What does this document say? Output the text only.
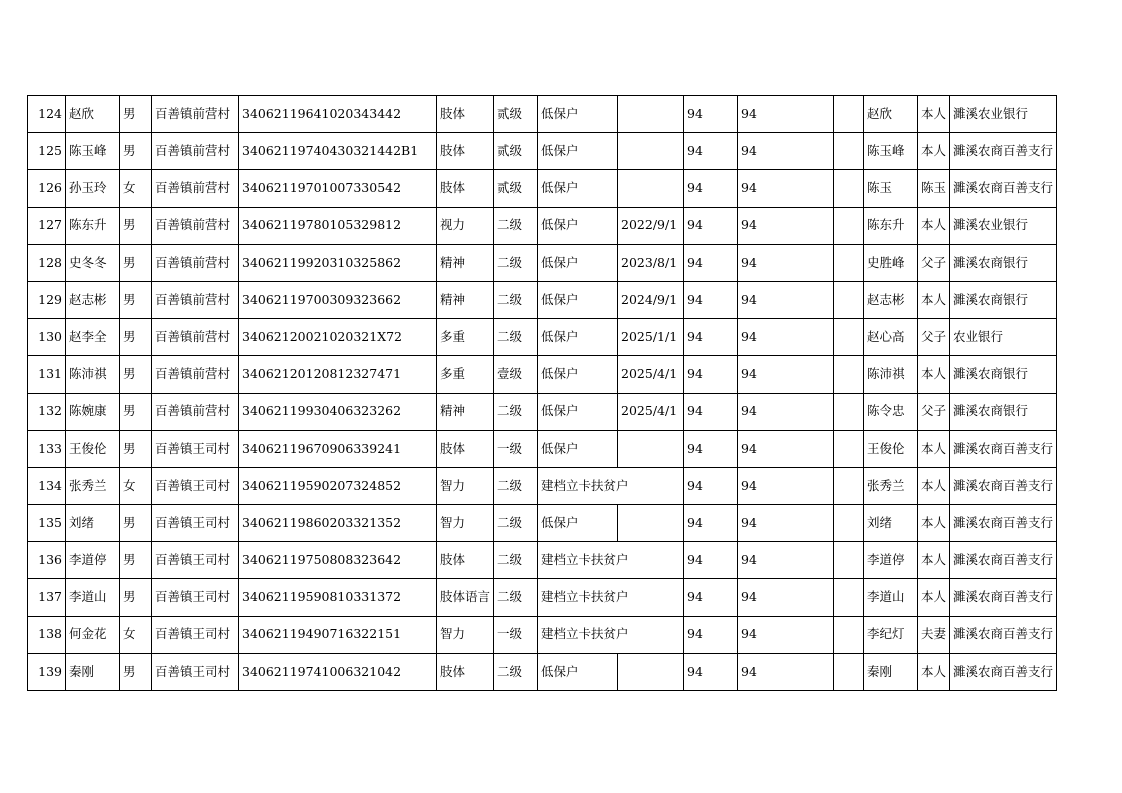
124	赵欣	男	百善镇前营村	34062119641020343442	肢体	贰级	低保户		94	94		赵欣	本人	濉溪农业银行
125	陈玉峰	男	百善镇前营村	3406211974043032144​2B1	肢体	贰级	低保户		94	94		陈玉峰	本人	濉溪农商百善支行
126	孙玉玲	女	百善镇前营村	3406211970100733054​2	肢体	贰级	低保户		94	94		陈玉	陈玉	濉溪农商百善支行
127	陈东升	男	百善镇前营村	34062119780105329812	视力	二级	低保户	2022/9/1	94	94		陈东升	本人	濉溪农业银行
128	史冬冬	男	百善镇前营村	34062119920310325862	精神	二级	低保户	2023/8/1	94	94		史胜峰	父子	濉溪农商银行
129	赵志彬	男	百善镇前营村	34062119700309323662	精神	二级	低保户	2024/9/1	94	94		赵志彬	本人	濉溪农商银行
130	赵李全	男	百善镇前营村	34062120021020321X72	多重	二级	低保户	2025/1/1	94	94		赵心高	父子	农业银行
131	陈沛祺	男	百善镇前营村	34062120120812327471	多重	壹级	低保户	2025/4/1	94	94		陈沛祺	本人	濉溪农商银行
132	陈婉康	男	百善镇前营村	34062119930406323262	精神	二级	低保户	2025/4/1	94	94		陈令忠	父子	濉溪农商银行
133	王俊伦	男	百善镇王司村	34062119670906339241	肢体	一级	低保户		94	94		王俊伦	本人	濉溪农商百善支行
134	张秀兰	女	百善镇王司村	34062119590207324852	智力	二级	建档立卡扶贫户		94	94		张秀兰	本人	濉溪农商百善支行
135	刘绪	男	百善镇王司村	34062119860203321352	智力	二级	低保户		94	94		刘绪	本人	濉溪农商百善支行
136	李道停	男	百善镇王司村	34062119750808323642	肢体	二级	建档立卡扶贫户		94	94		李道停	本人	濉溪农商百善支行
137	李道山	男	百善镇王司村	34062119590810331372	肢体语言	二级	建档立卡扶贫户		94	94		李道山	本人	濉溪农商百善支行
138	何金花	女	百善镇王司村	34062119490716322151	智力	一级	建档立卡扶贫户		94	94		李纪灯	夫妻	濉溪农商百善支行
139	秦刚	男	百善镇王司村	34062119741006321042	肢体	二级	低保户		94	94		秦刚	本人	濉溪农商百善支行
